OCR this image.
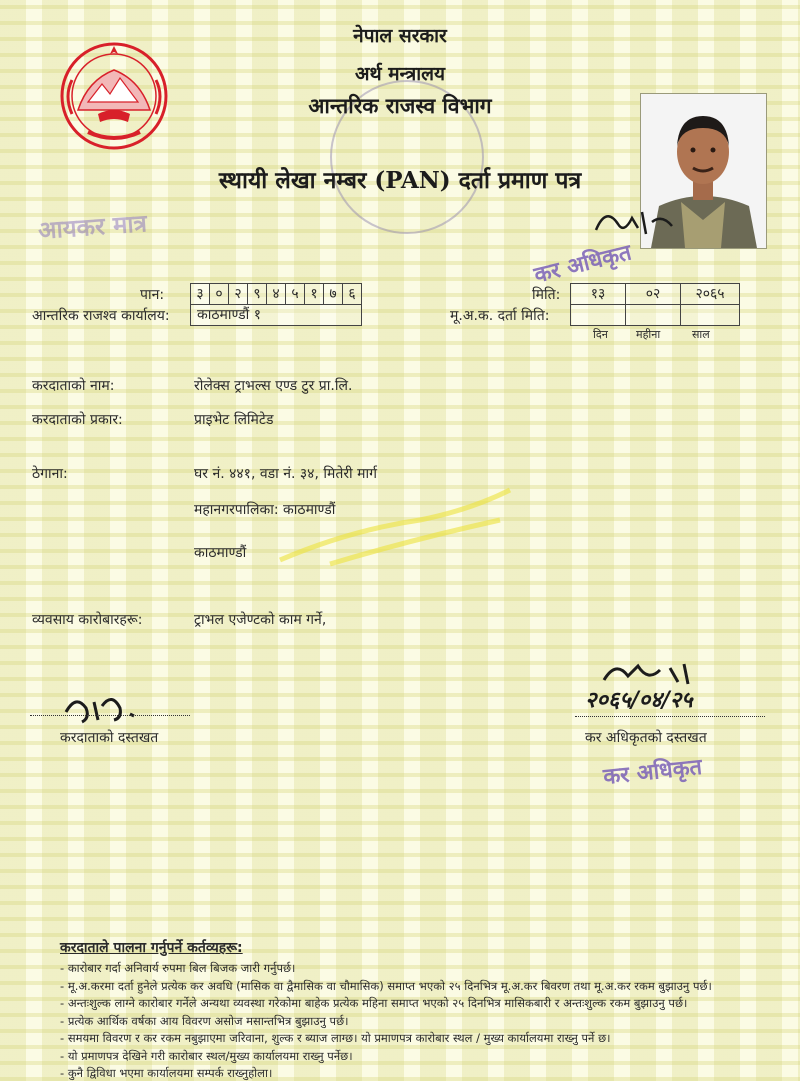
नेपाल सरकार
अर्थ मन्त्रालय
आन्तरिक राजस्व विभाग
स्थायी लेखा नम्बर (PAN) दर्ता प्रमाण पत्र
आयकर मात्र
कर अधिकृत
पान:	३ ० २ ९ ४ ५ १ ७ ६	मिति:	१३	०२	२०६५
आन्तरिक राजश्व कार्यालय:	काठमाण्डौं १	मू.अ.क. दर्ता मिति:
दिन	महीना	साल
करदाताको नाम:	रोलेक्स ट्राभल्स एण्ड टुर प्रा.लि.
करदाताको प्रकार:	प्राइभेट लिमिटेड
ठेगाना:	घर नं. ४४१, वडा नं. ३४, मितेरी मार्ग
महानगरपालिका: काठमाण्डौं
काठमाण्डौं
व्यवसाय कारोबारहरू:	ट्राभल एजेण्टको काम गर्ने,
करदाताको दस्तखत
२०६५/०४/२५
कर अधिकृतको दस्तखत
कर अधिकृत
करदाताले पालना गर्नुपर्ने कर्तव्यहरू:
- कारोबार गर्दा अनिवार्य रुपमा बिल बिजक जारी गर्नुपर्छ।
- मू.अ.करमा दर्ता हुनेले प्रत्येक कर अवधि (मासिक वा द्वैमासिक वा चौमासिक) समाप्त भएको २५ दिनभित्र मू.अ.कर बिवरण तथा मू.अ.कर रकम बुझाउनु पर्छ।
- अन्तःशुल्क लाग्ने कारोबार गर्नेले अन्यथा व्यवस्था गरेकोमा बाहेक प्रत्येक महिना समाप्त भएको २५ दिनभित्र मासिकबारी र अन्तःशुल्क रकम बुझाउनु पर्छ।
- प्रत्येक आर्थिक वर्षका आय विवरण असोज मसान्तभित्र बुझाउनु पर्छ।
- समयमा विवरण र कर रकम नबुझाएमा जरिवाना, शुल्क र ब्याज लाग्छ। यो प्रमाणपत्र कारोबार स्थल / मुख्य कार्यालयमा राख्नु पर्ने छ।
- यो प्रमाणपत्र देखिने गरी कारोबार स्थल/मुख्य कार्यालयमा राख्नु पर्नेछ।
- कुनै द्विविधा भएमा कार्यालयमा सम्पर्क राख्नुहोला।
